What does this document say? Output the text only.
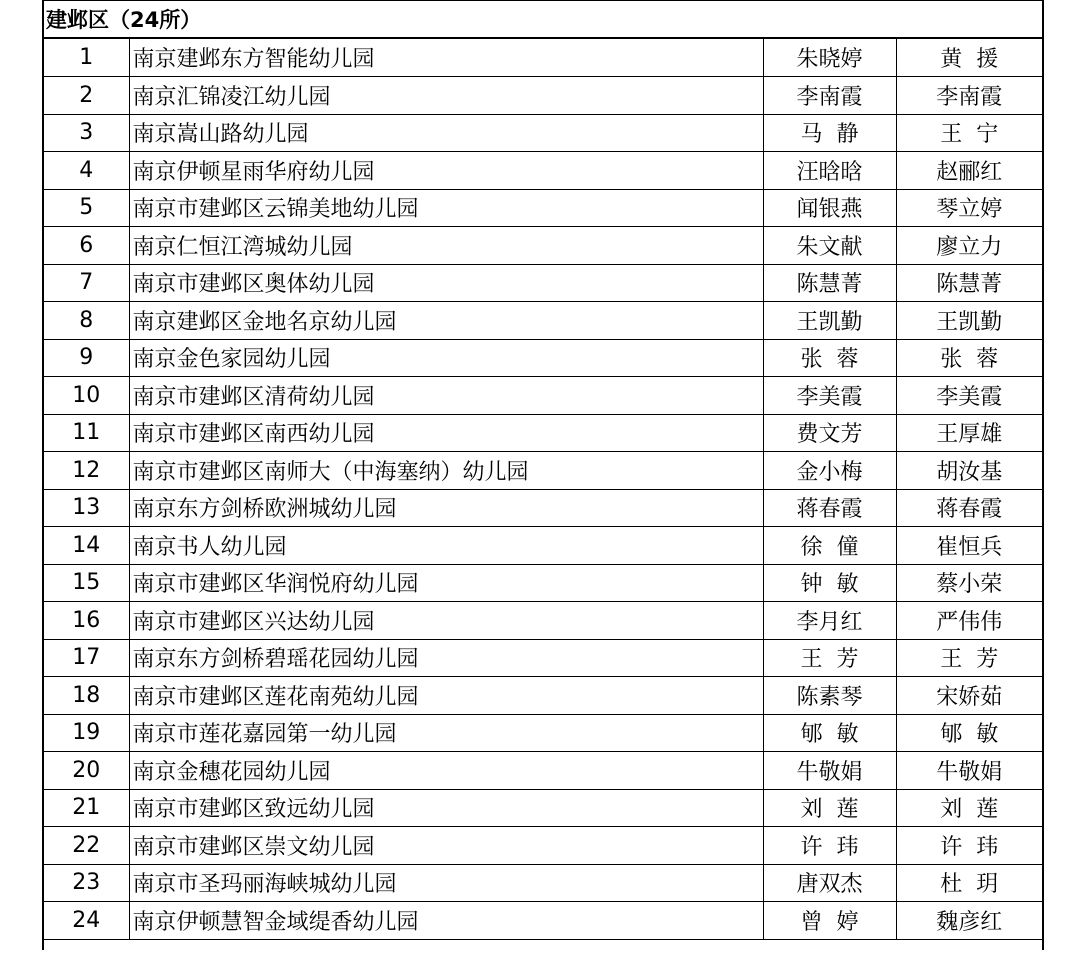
建邺区（24所）
1	南京建邺东方智能幼儿园	朱晓婷	黄  援
2	南京汇锦凌江幼儿园	李南霞	李南霞
3	南京嵩山路幼儿园	马  静	王  宁
4	南京伊顿星雨华府幼儿园	汪晗晗	赵郦红
5	南京市建邺区云锦美地幼儿园	闻银燕	琴立婷
6	南京仁恒江湾城幼儿园	朱文献	廖立力
7	南京市建邺区奥体幼儿园	陈慧菁	陈慧菁
8	南京建邺区金地名京幼儿园	王凯勤	王凯勤
9	南京金色家园幼儿园	张  蓉	张  蓉
10	南京市建邺区清荷幼儿园	李美霞	李美霞
11	南京市建邺区南西幼儿园	费文芳	王厚雄
12	南京市建邺区南师大（中海塞纳）幼儿园	金小梅	胡汝基
13	南京东方剑桥欧洲城幼儿园	蒋春霞	蒋春霞
14	南京书人幼儿园	徐  僮	崔恒兵
15	南京市建邺区华润悦府幼儿园	钟  敏	蔡小荣
16	南京市建邺区兴达幼儿园	李月红	严伟伟
17	南京东方剑桥碧瑶花园幼儿园	王  芳	王  芳
18	南京市建邺区莲花南苑幼儿园	陈素琴	宋娇茹
19	南京市莲花嘉园第一幼儿园	郇  敏	郇  敏
20	南京金穗花园幼儿园	牛敬娟	牛敬娟
21	南京市建邺区致远幼儿园	刘  莲	刘  莲
22	南京市建邺区崇文幼儿园	许  玮	许  玮
23	南京市圣玛丽海峡城幼儿园	唐双杰	杜  玥
24	南京伊顿慧智金域缇香幼儿园	曾  婷	魏彦红
